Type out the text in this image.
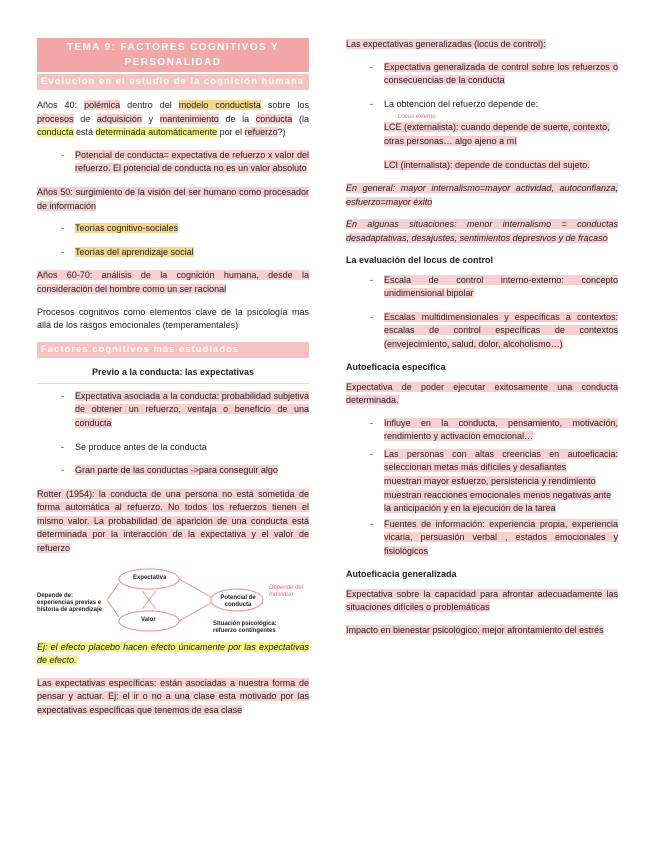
TEMA 9: FACTORES COGNITIVOS Y PERSONALIDAD
Evolución en el estudio de la cognición humana

Años 40: polémica dentro del modelo conductista sobre los procesos de adquisición y mantenimiento de la conducta (la conducta está determinada automáticamente por el refuerzo?)

- Potencial de conducta= expectativa de refuerzo x valor del refuerzo. El potencial de conducta no es un valor absoluto

Años 50: surgimiento de la visión del ser humano como procesador de información

- Teorías cognitivo-sociales
- Teorías del aprendizaje social

Años 60-70: análisis de la cognición humana, desde la consideración del hombre como un ser racional

Procesos cognitivos como elementos clave de la psicología más allá de los rasgos emocionales (temperamentales)

Factores cognitivos más estudiados
Previo a la conducta: las expectativas
- Expectativa asociada a la conducta: probabilidad subjetiva de obtener un refuerzo, ventaja o beneficio de una conducta
- Se produce antes de la conducta
- Gran parte de las conductas ->para conseguir algo

Rotter (1954): la conducta de una persona no está sometida de forma automática al refuerzo. No todos los refuerzos tienen el mismo valor. La probabilidad de aparición de una conducta está determinada por la interacción de la expectativa y el valor de refuerzo

Depende de: experiencias previas e historia de aprendizaje
Expectativa
Valor
Potencial de conducta
Situación psicológica: refuerzo contingentes
Depende del Individuo

Ej: el efecto placebo hacen efecto únicamente por las expectativas de efecto.

Las expectativas específicas: están asociadas a nuestra forma de pensar y actuar. Ej: el ir o no a una clase esta motivado por las expectativas específicas que tenemos de esa clase

Las expectativas generalizadas (locus de control):

- Expectativa generalizada de control sobre los refuerzos o consecuencias de la conducta
- La obtención del refuerzo depende de:
Locus externo
LCE (externalista): cuando depende de suerte, contexto, otras personas… algo ajeno a mí
LCI (internalista): depende de conductas del sujeto.

En general: mayor internalismo=mayor actividad, autoconfianza, esfuerzo=mayor éxito

En algunas situaciones: menor internalismo = conductas desadaptativas, desajustes, sentimientos depresivos y de fracaso

La evaluación del locus de control
- Escala de control interno-externo: concepto unidimensional bipolar
- Escalas multidimensionales y específicas a contextos: escalas de control específicas de contextos (envejecimiento, salud, dolor, alcoholismo…)
Autoeficacia específica

Expectativa de poder ejecutar exitosamente una conducta determinada.

- Influye en la conducta, pensamiento, motivación, rendimiento y activación emocional…
- Las personas con altas creencias en autoeficacia: seleccionan metas más difíciles y desafiantes
muestran mayor esfuerzo, persistencia y rendimiento
muestran reacciones emocionales menos negativas ante la anticipación y en la ejecución de la tarea
- Fuentes de información: experiencia propia, experiencia vicaria, persuasión verbal , estados emocionales y fisiológicos
Autoeficacia generalizada

Expectativa sobre la capacidad para afrontar adecuadamente las situaciones difíciles o problemáticas

Impacto en bienestar psicológico: mejor afrontamiento del estrés
